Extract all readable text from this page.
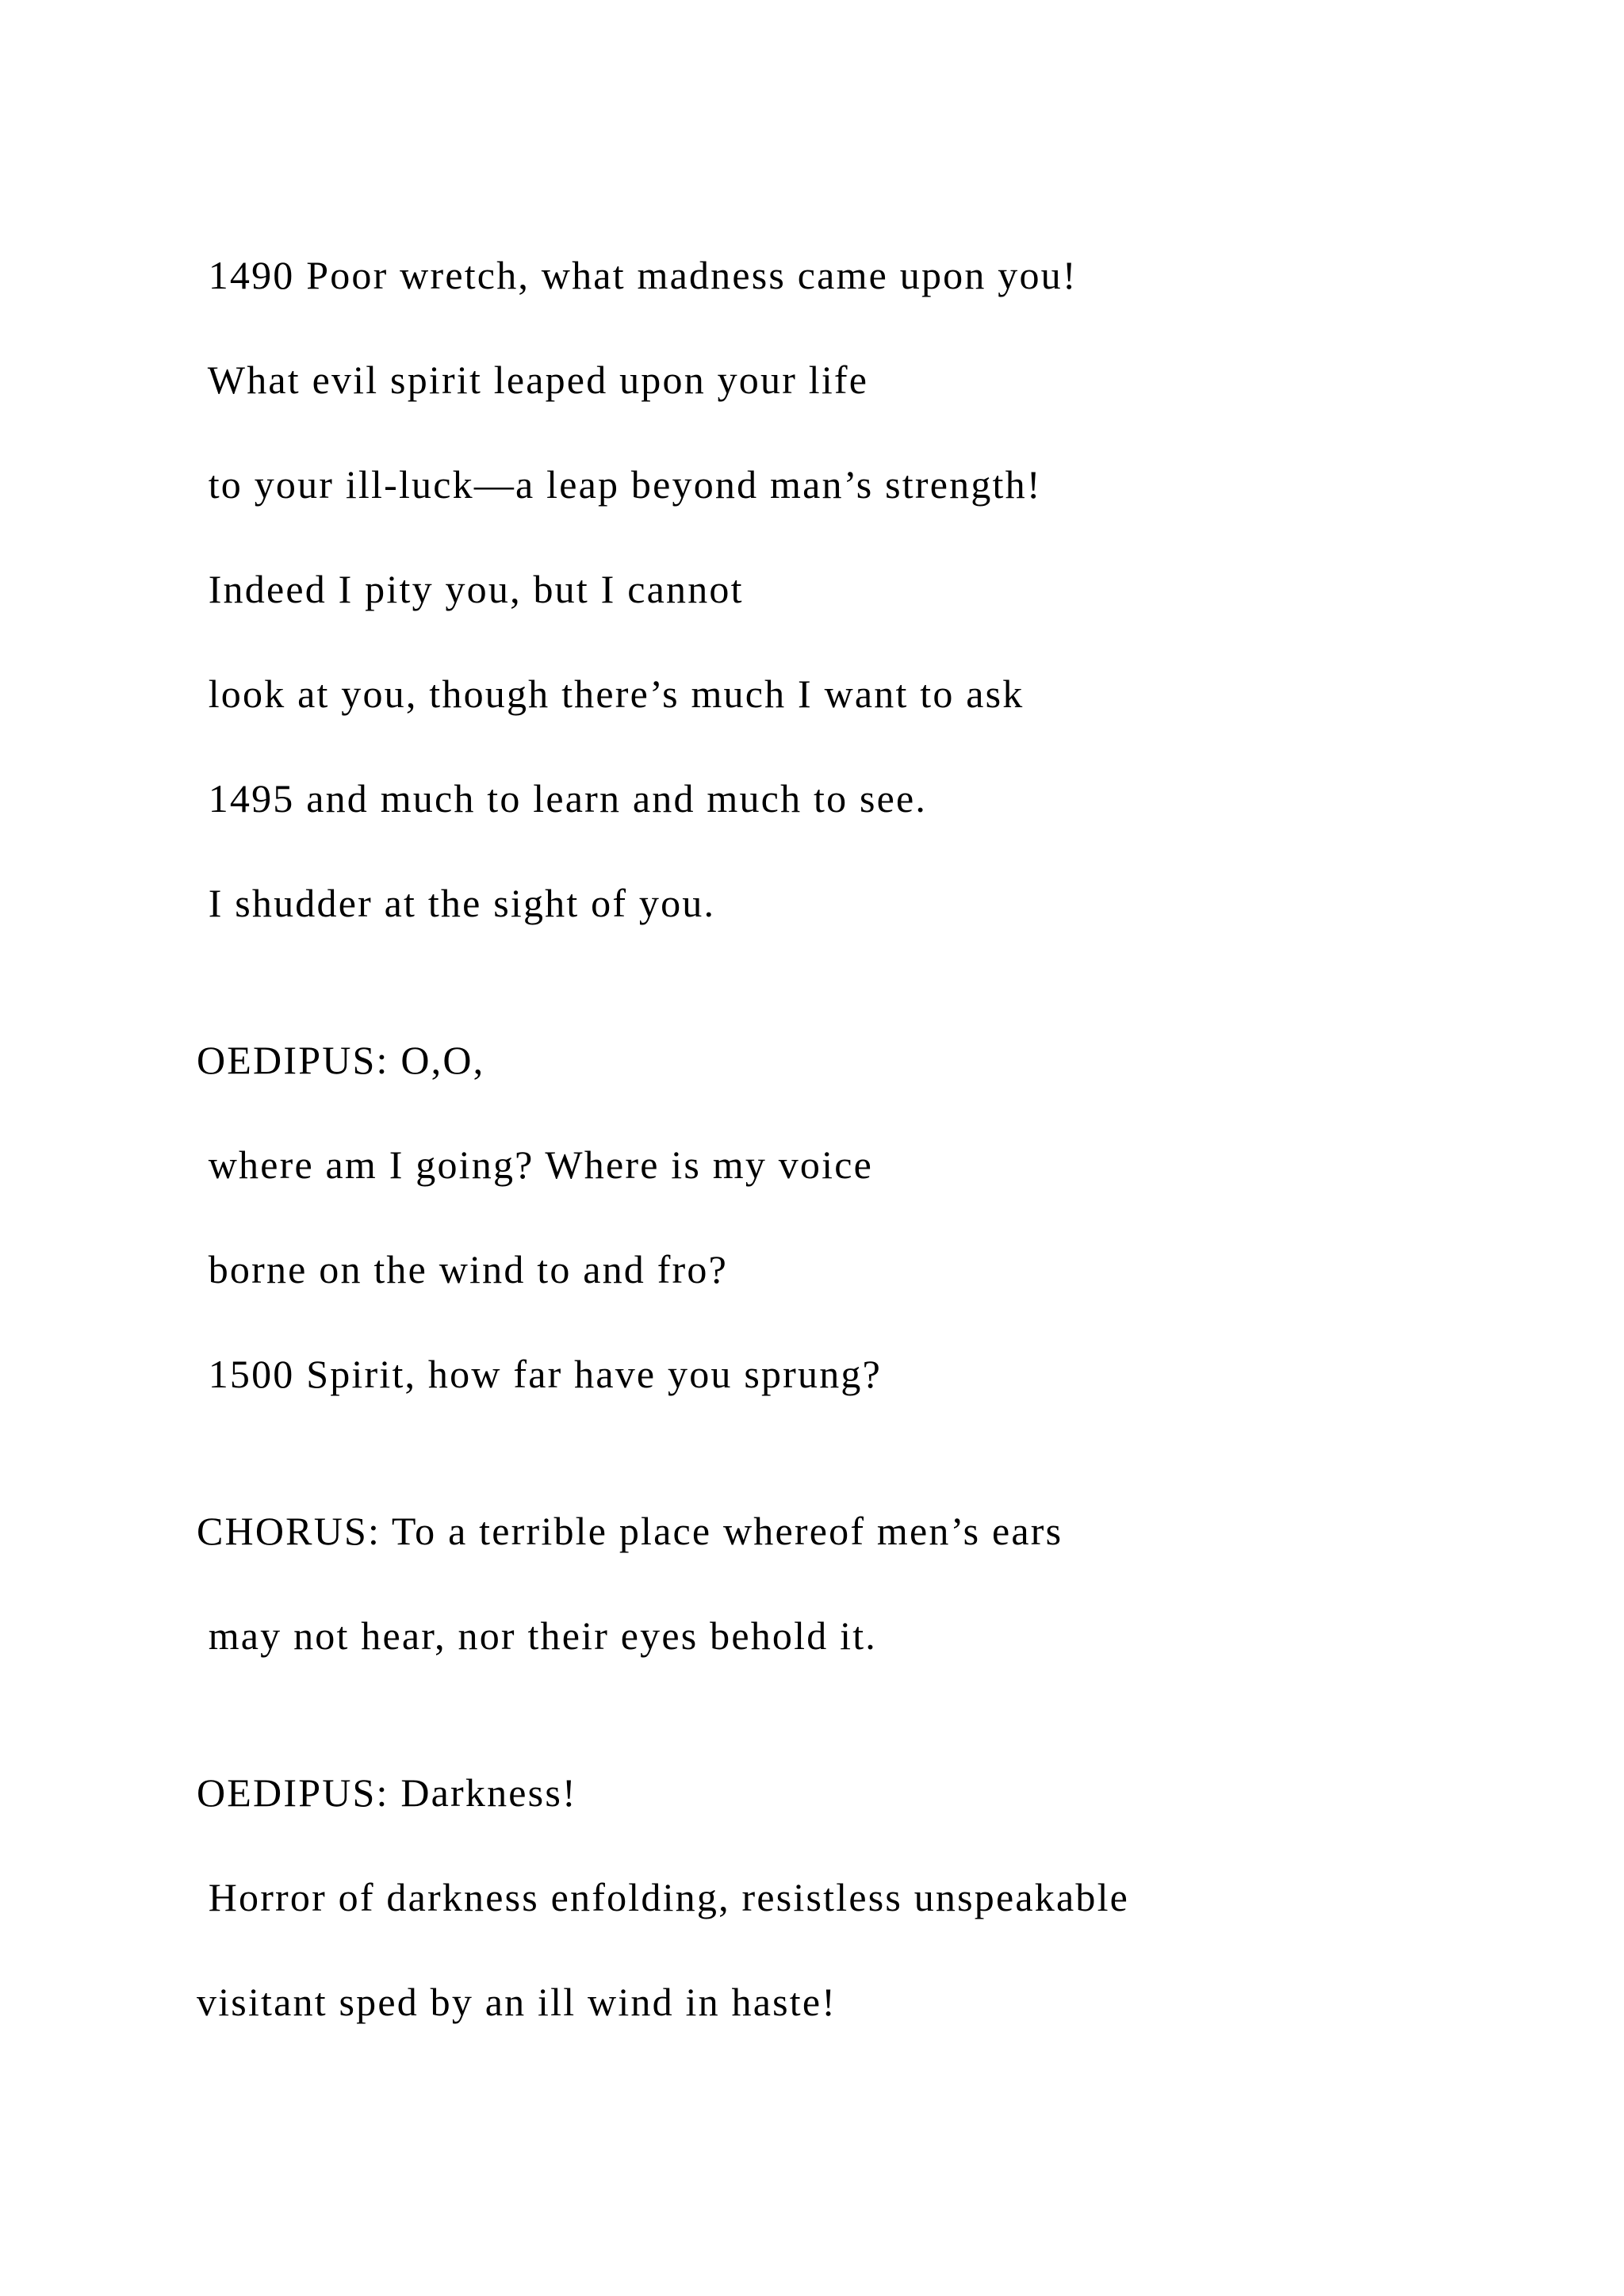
1490 Poor wretch, what madness came upon you!
What evil spirit leaped upon your life
to your ill-luck—a leap beyond man’s strength!
Indeed I pity you, but I cannot
look at you, though there’s much I want to ask
1495 and much to learn and much to see.
I shudder at the sight of you.
OEDIPUS: O,O,
where am I going? Where is my voice
borne on the wind to and fro?
1500 Spirit, how far have you sprung?
CHORUS: To a terrible place whereof men’s ears
may not hear, nor their eyes behold it.
OEDIPUS: Darkness!
Horror of darkness enfolding, resistless unspeakable
visitant sped by an ill wind in haste!
